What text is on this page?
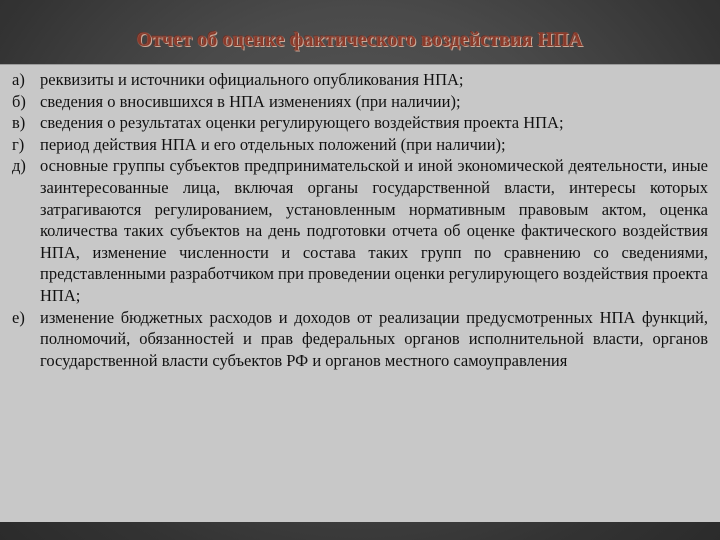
Отчет об оценке фактического воздействия НПА
а) реквизиты и источники официального опубликования НПА;
б) сведения о вносившихся в НПА изменениях (при наличии);
в) сведения о результатах оценки регулирующего воздействия проекта НПА;
г) период действия НПА и его отдельных положений (при наличии);
д) основные группы субъектов предпринимательской и иной экономической деятельности, иные заинтересованные лица, включая органы государственной власти, интересы которых затрагиваются регулированием, установленным нормативным правовым актом, оценка количества таких субъектов на день подготовки отчета об оценке фактического воздействия НПА, изменение численности и состава таких групп по сравнению со сведениями, представленными разработчиком при проведении оценки регулирующего воздействия проекта НПА;
е) изменение бюджетных расходов и доходов от реализации предусмотренных НПА функций, полномочий, обязанностей и прав федеральных органов исполнительной власти, органов государственной власти субъектов РФ и органов местного самоуправления
